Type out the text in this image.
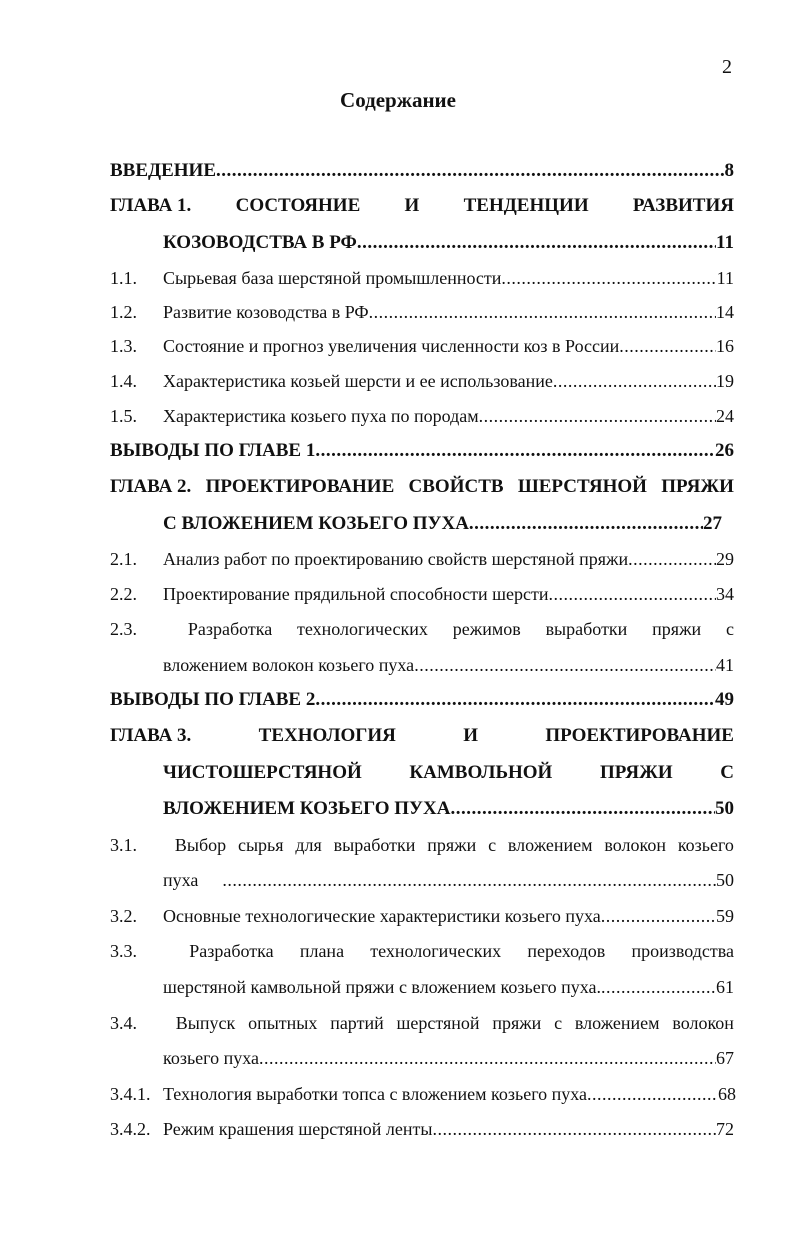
2
Содержание
ВВЕДЕНИЕ .....	8
ГЛАВА 1. СОСТОЯНИЕ И ТЕНДЕНЦИИ РАЗВИТИЯ
КОЗОВОДСТВА В РФ .....	11
1.1.	Сырьевая база шерстяной промышленности .....	11
1.2.	Развитие козоводства в РФ .....	14
1.3.	Состояние и прогноз увеличения численности коз в России .....	16
1.4.	Характеристика козьей шерсти и ее использование .....	19
1.5.	Характеристика козьего пуха по породам .....	24
ВЫВОДЫ ПО ГЛАВЕ 1 .....	26
ГЛАВА 2. ПРОЕКТИРОВАНИЕ СВОЙСТВ ШЕРСТЯНОЙ ПРЯЖИ
С ВЛОЖЕНИЕМ КОЗЬЕГО ПУХА .....	27
2.1.	Анализ работ по проектированию свойств шерстяной пряжи .....	29
2.2.	Проектирование прядильной способности шерсти .....	34
2.3.	Разработка технологических режимов выработки пряжи с
вложением волокон козьего пуха .....	41
ВЫВОДЫ ПО ГЛАВЕ 2 .....	49
ГЛАВА 3.	ТЕХНОЛОГИЯ	И	ПРОЕКТИРОВАНИЕ
ЧИСТОШЕРСТЯНОЙ	КАМВОЛЬНОЙ	ПРЯЖИ	С
ВЛОЖЕНИЕМ КОЗЬЕГО ПУХА .....	50
3.1.	Выбор сырья для выработки пряжи с вложением волокон козьего
пуха .....	50
3.2.	Основные технологические характеристики козьего пуха .....	59
3.3.	Разработка плана технологических переходов производства
шерстяной камвольной пряжи с вложением козьего пуха. .....	61
3.4.	Выпуск опытных партий шерстяной пряжи с вложением волокон
козьего пуха .....	67
3.4.1. Технология выработки топса с вложением козьего пуха .....	68
3.4.2. Режим крашения шерстяной ленты .....	72
